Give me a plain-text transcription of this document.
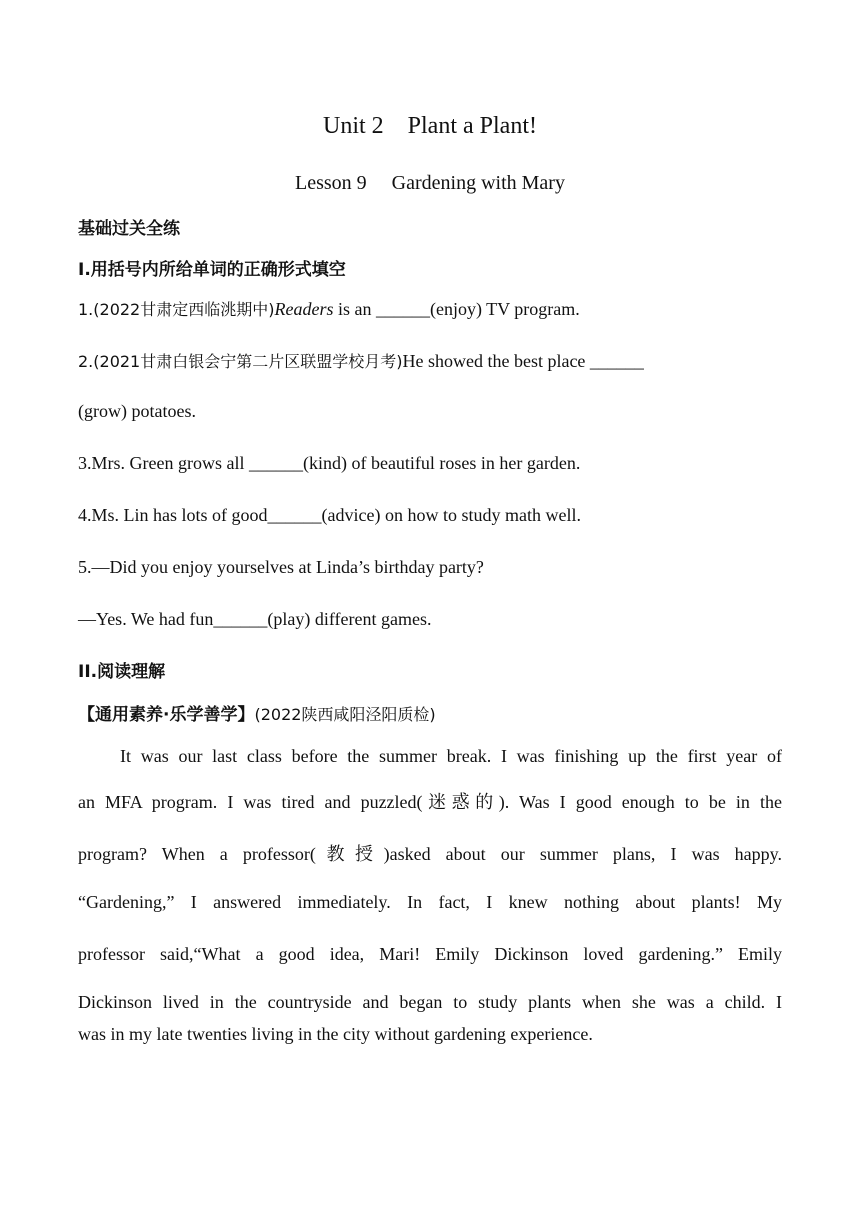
Unit 2    Plant a Plant!
Lesson 9     Gardening with Mary
基础过关全练
I.用括号内所给单词的正确形式填空
1.(2022甘肃定西临洮期中)Readers is an ______(enjoy) TV program.
2.(2021甘肃白银会宁第二片区联盟学校月考)He showed the best place ______
(grow) potatoes.
3.Mrs. Green grows all ______(kind) of beautiful roses in her garden.
4.Ms. Lin has lots of good______(advice) on how to study math well.
5.—Did you enjoy yourselves at Linda’s birthday party?
—Yes. We had fun______(play) different games.
II.阅读理解
【通用素养·乐学善学】(2022陕西咸阳泾阳质检)
It was our last class before the summer break. I was finishing up the first year of
an MFA program. I was tired and puzzled(迷惑的). Was I good enough to be in the
program? When a professor(教授)asked about our summer plans, I was happy.
“Gardening,” I answered immediately. In fact, I knew nothing about plants! My
professor said,“What a good idea, Mari! Emily Dickinson loved gardening.” Emily
Dickinson lived in the countryside and began to study plants when she was a child. I
was in my late twenties living in the city without gardening experience.
